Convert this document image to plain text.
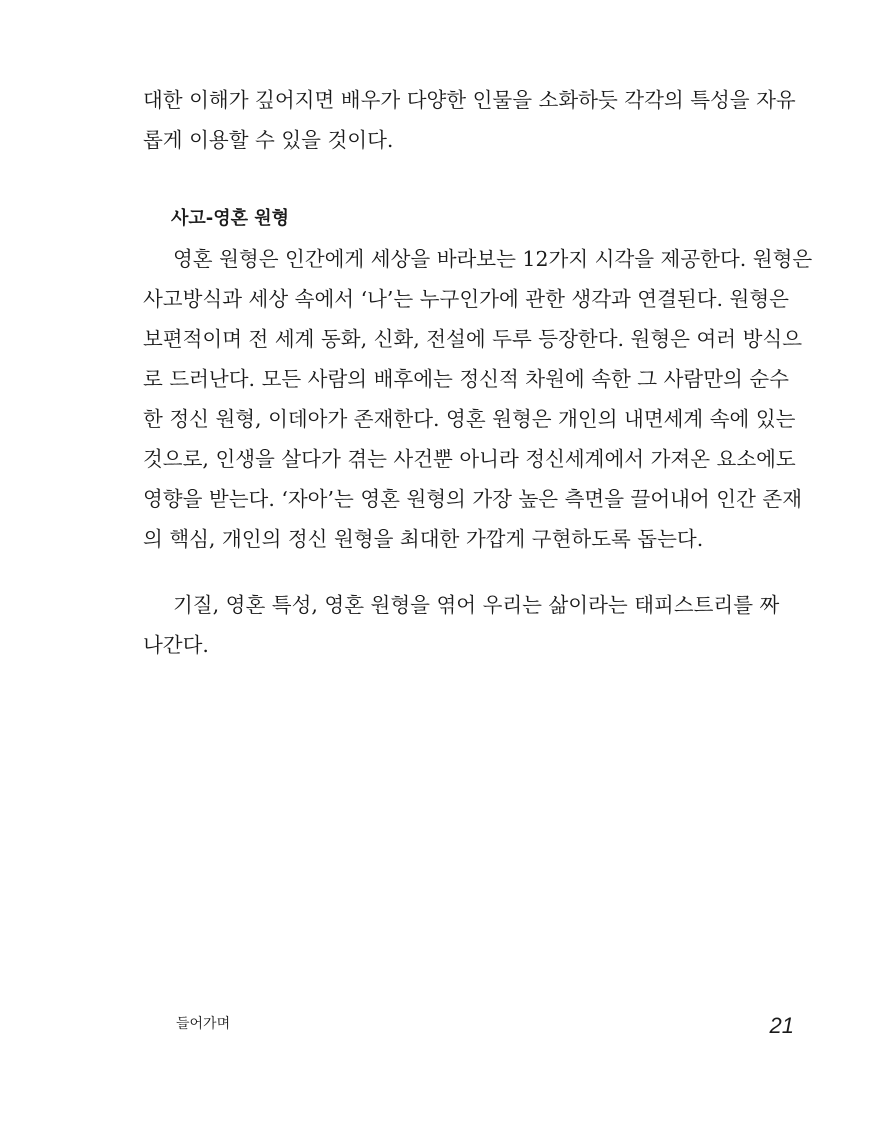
대한 이해가 깊어지면 배우가 다양한 인물을 소화하듯 각각의 특성을 자유
롭게 이용할 수 있을 것이다.
사고-영혼 원형
영혼 원형은 인간에게 세상을 바라보는 12가지 시각을 제공한다. 원형은
사고방식과 세상 속에서 ‘나’는 누구인가에 관한 생각과 연결된다. 원형은
보편적이며 전 세계 동화, 신화, 전설에 두루 등장한다. 원형은 여러 방식으
로 드러난다. 모든 사람의 배후에는 정신적 차원에 속한 그 사람만의 순수
한 정신 원형, 이데아가 존재한다. 영혼 원형은 개인의 내면세계 속에 있는
것으로, 인생을 살다가 겪는 사건뿐 아니라 정신세계에서 가져온 요소에도
영향을 받는다. ‘자아’는 영혼 원형의 가장 높은 측면을 끌어내어 인간 존재
의 핵심, 개인의 정신 원형을 최대한 가깝게 구현하도록 돕는다.
기질, 영혼 특성, 영혼 원형을 엮어 우리는 삶이라는 태피스트리를 짜
나간다.
들어가며	21
